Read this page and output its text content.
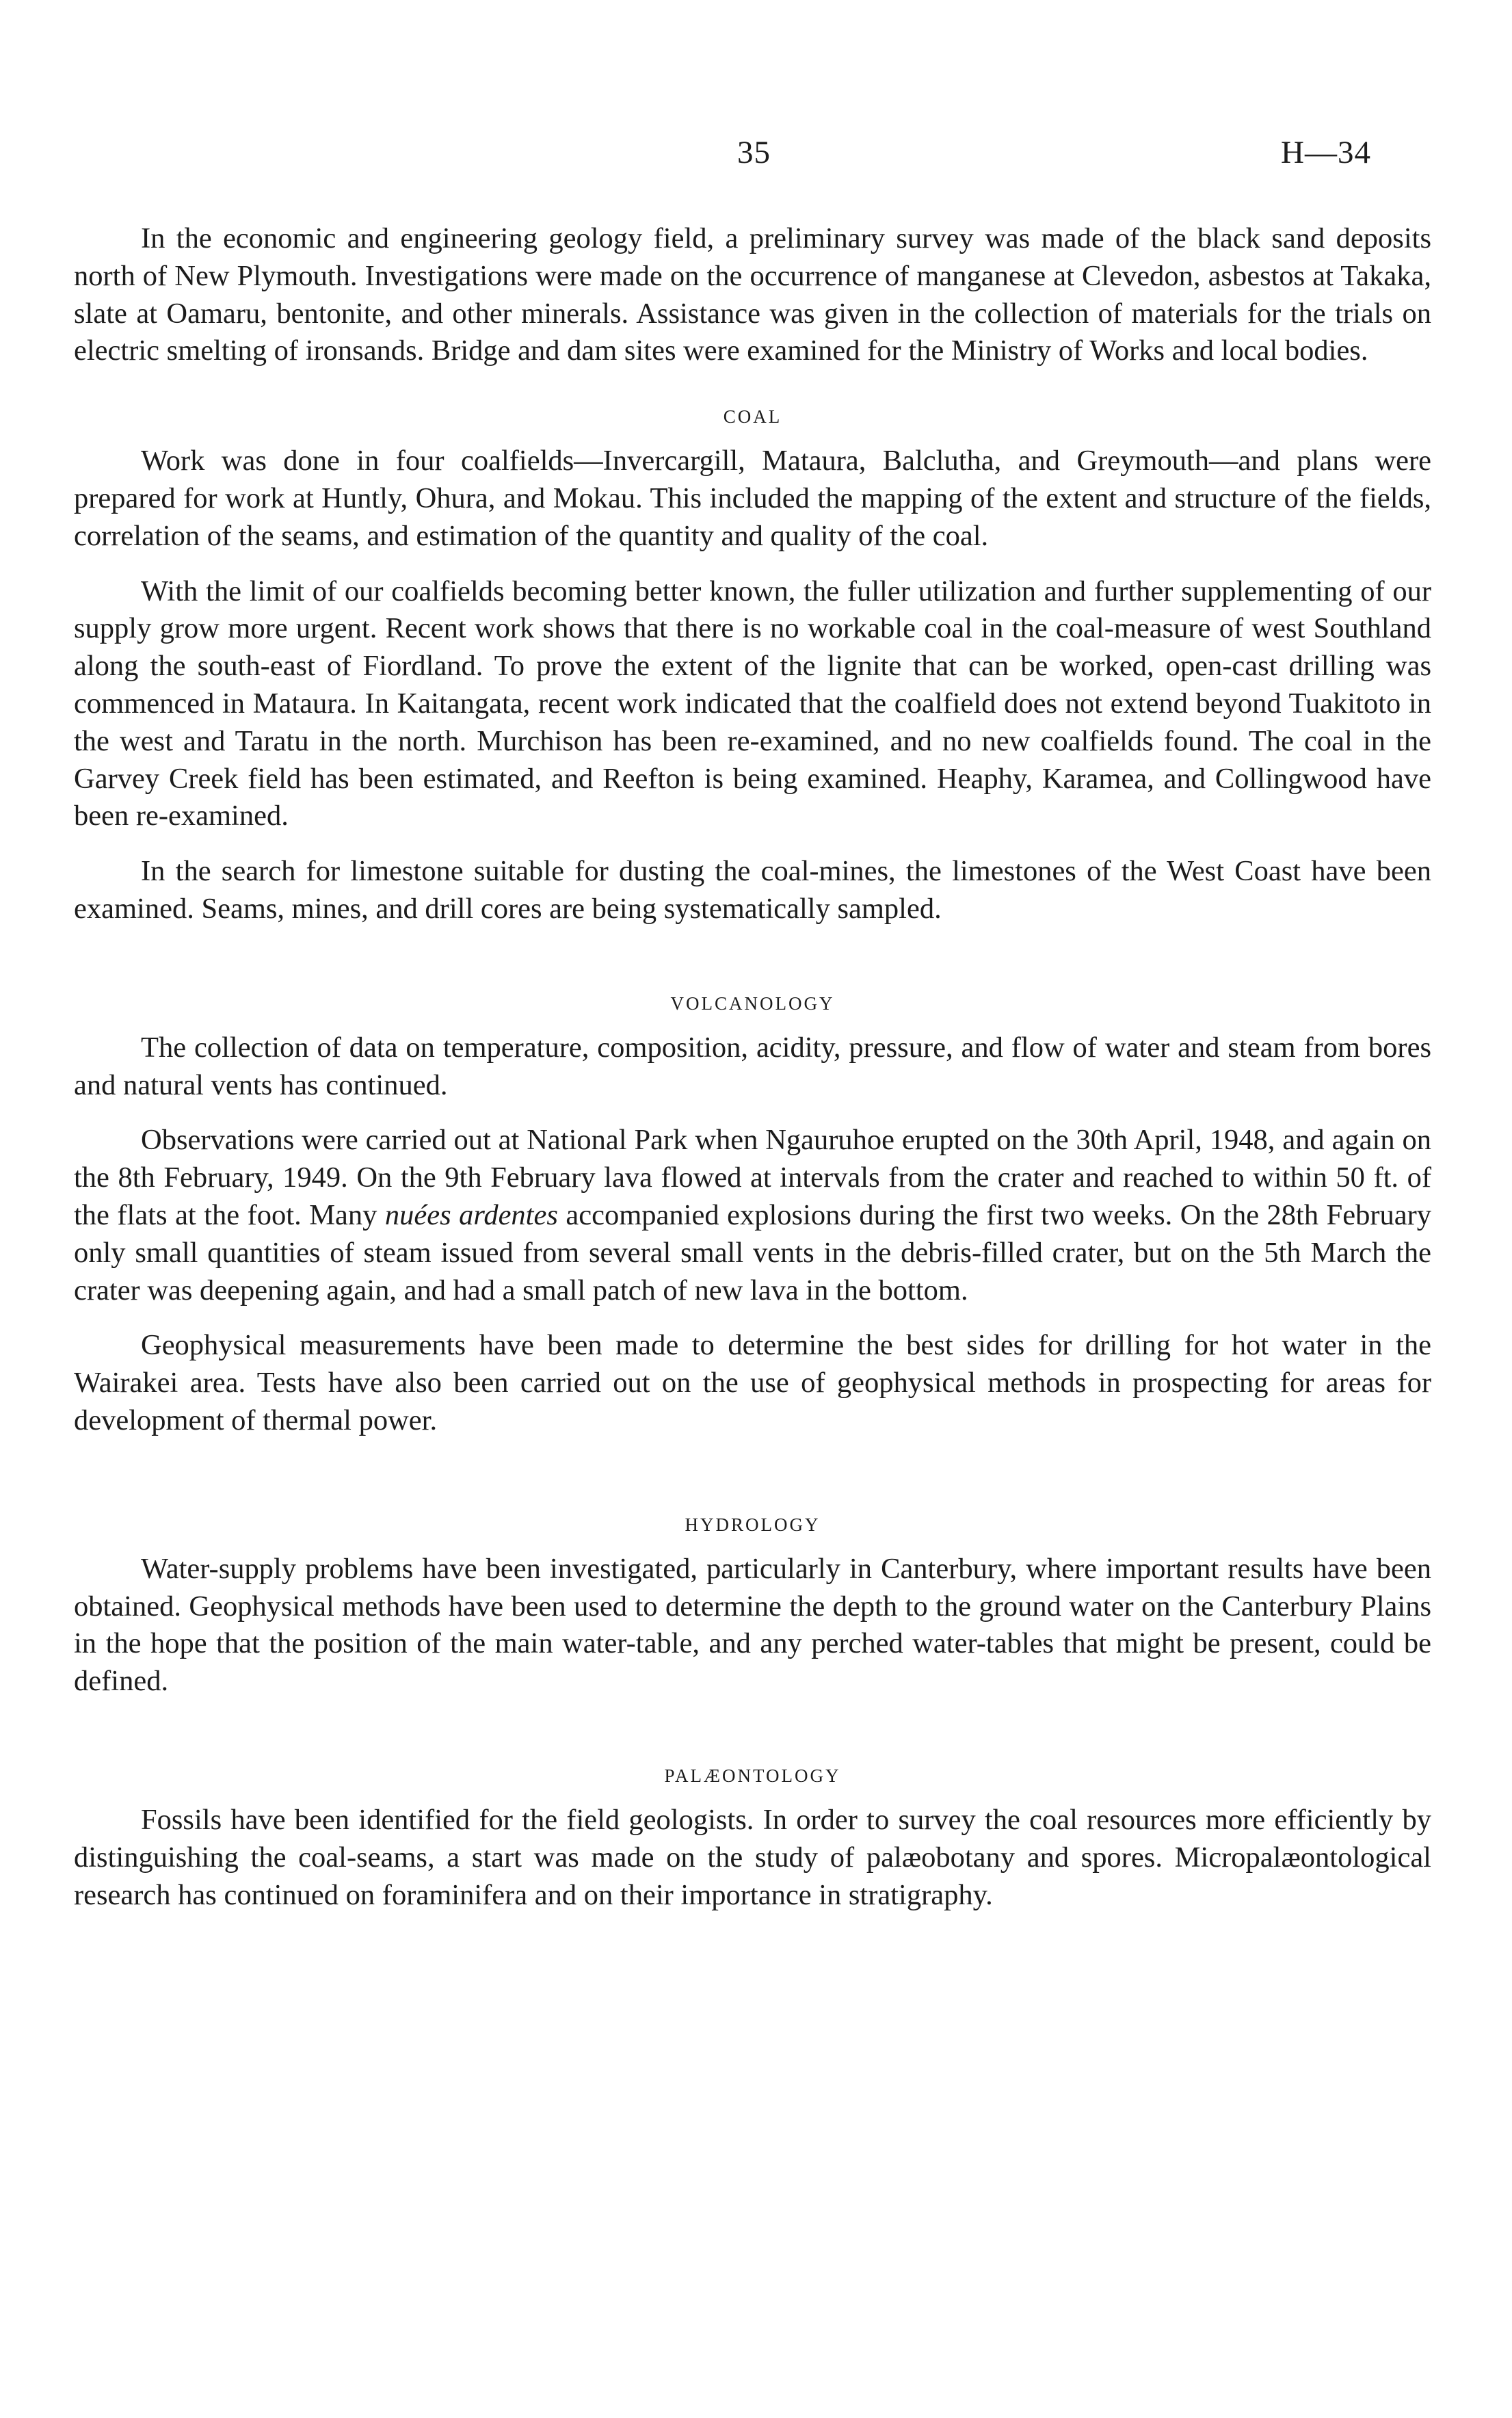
35	H—34

In the economic and engineering geology field, a preliminary survey was made of the black sand deposits north of New Plymouth. Investigations were made on the occurrence of manganese at Clevedon, asbestos at Takaka, slate at Oamaru, bentonite, and other minerals. Assistance was given in the collection of materials for the trials on electric smelting of ironsands. Bridge and dam sites were examined for the Ministry of Works and local bodies.

COAL

Work was done in four coalfields—Invercargill, Mataura, Balclutha, and Greymouth—and plans were prepared for work at Huntly, Ohura, and Mokau. This included the mapping of the extent and structure of the fields, correlation of the seams, and estimation of the quantity and quality of the coal.

With the limit of our coalfields becoming better known, the fuller utilization and further supplementing of our supply grow more urgent. Recent work shows that there is no workable coal in the coal-measure of west Southland along the south-east of Fiordland. To prove the extent of the lignite that can be worked, open-cast drilling was commenced in Mataura. In Kaitangata, recent work indicated that the coalfield does not extend beyond Tuakitoto in the west and Taratu in the north. Murchison has been re-examined, and no new coalfields found. The coal in the Garvey Creek field has been estimated, and Reefton is being examined. Heaphy, Karamea, and Collingwood have been re-examined.

In the search for limestone suitable for dusting the coal-mines, the limestones of the West Coast have been examined. Seams, mines, and drill cores are being systematically sampled.

VOLCANOLOGY

The collection of data on temperature, composition, acidity, pressure, and flow of water and steam from bores and natural vents has continued.

Observations were carried out at National Park when Ngauruhoe erupted on the 30th April, 1948, and again on the 8th February, 1949. On the 9th February lava flowed at intervals from the crater and reached to within 50 ft. of the flats at the foot. Many nuées ardentes accompanied explosions during the first two weeks. On the 28th February only small quantities of steam issued from several small vents in the debris-filled crater, but on the 5th March the crater was deepening again, and had a small patch of new lava in the bottom.

Geophysical measurements have been made to determine the best sides for drilling for hot water in the Wairakei area. Tests have also been carried out on the use of geophysical methods in prospecting for areas for development of thermal power.

HYDROLOGY

Water-supply problems have been investigated, particularly in Canterbury, where important results have been obtained. Geophysical methods have been used to determine the depth to the ground water on the Canterbury Plains in the hope that the position of the main water-table, and any perched water-tables that might be present, could be defined.

PALÆONTOLOGY

Fossils have been identified for the field geologists. In order to survey the coal resources more efficiently by distinguishing the coal-seams, a start was made on the study of palæobotany and spores. Micropalæontological research has continued on foraminifera and on their importance in stratigraphy.
